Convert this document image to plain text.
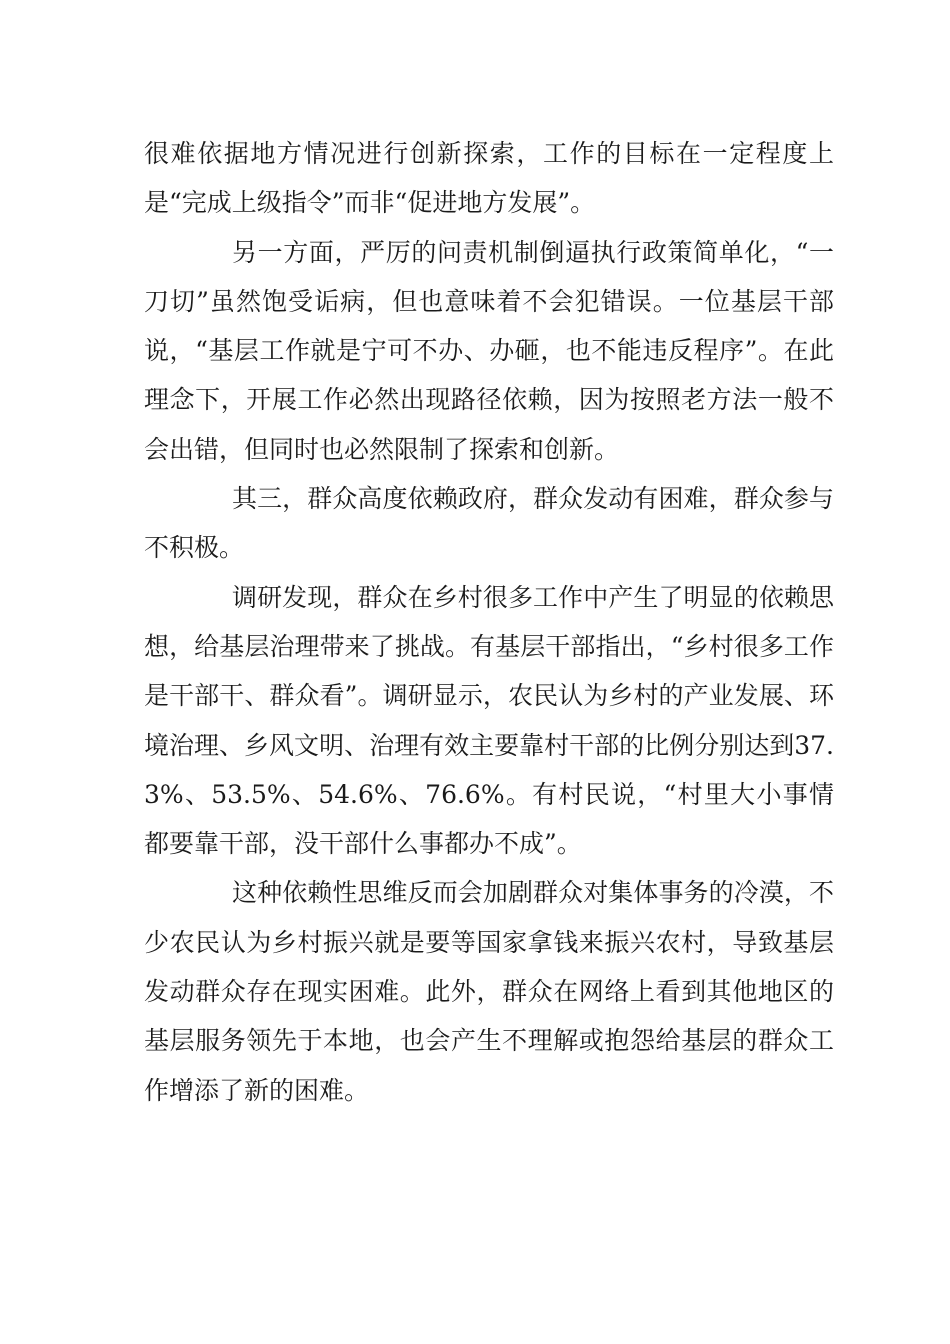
很难依据地方情况进行创新探索，工作的目标在一定程度上是“完成上级指令”而非“促进地方发展”。

另一方面，严厉的问责机制倒逼执行政策简单化，“一刀切”虽然饱受诟病，但也意味着不会犯错误。一位基层干部说，“基层工作就是宁可不办、办砸，也不能违反程序”。在此理念下，开展工作必然出现路径依赖，因为按照老方法一般不会出错，但同时也必然限制了探索和创新。

其三，群众高度依赖政府，群众发动有困难，群众参与不积极。

调研发现，群众在乡村很多工作中产生了明显的依赖思想，给基层治理带来了挑战。有基层干部指出，“乡村很多工作是干部干、群众看”。调研显示，农民认为乡村的产业发展、环境治理、乡风文明、治理有效主要靠村干部的比例分别达到37.3%、53.5%、54.6%、76.6%。有村民说，“村里大小事情都要靠干部，没干部什么事都办不成”。

这种依赖性思维反而会加剧群众对集体事务的冷漠，不少农民认为乡村振兴就是要等国家拿钱来振兴农村，导致基层发动群众存在现实困难。此外，群众在网络上看到其他地区的基层服务领先于本地，也会产生不理解或抱怨给基层的群众工作增添了新的困难。
